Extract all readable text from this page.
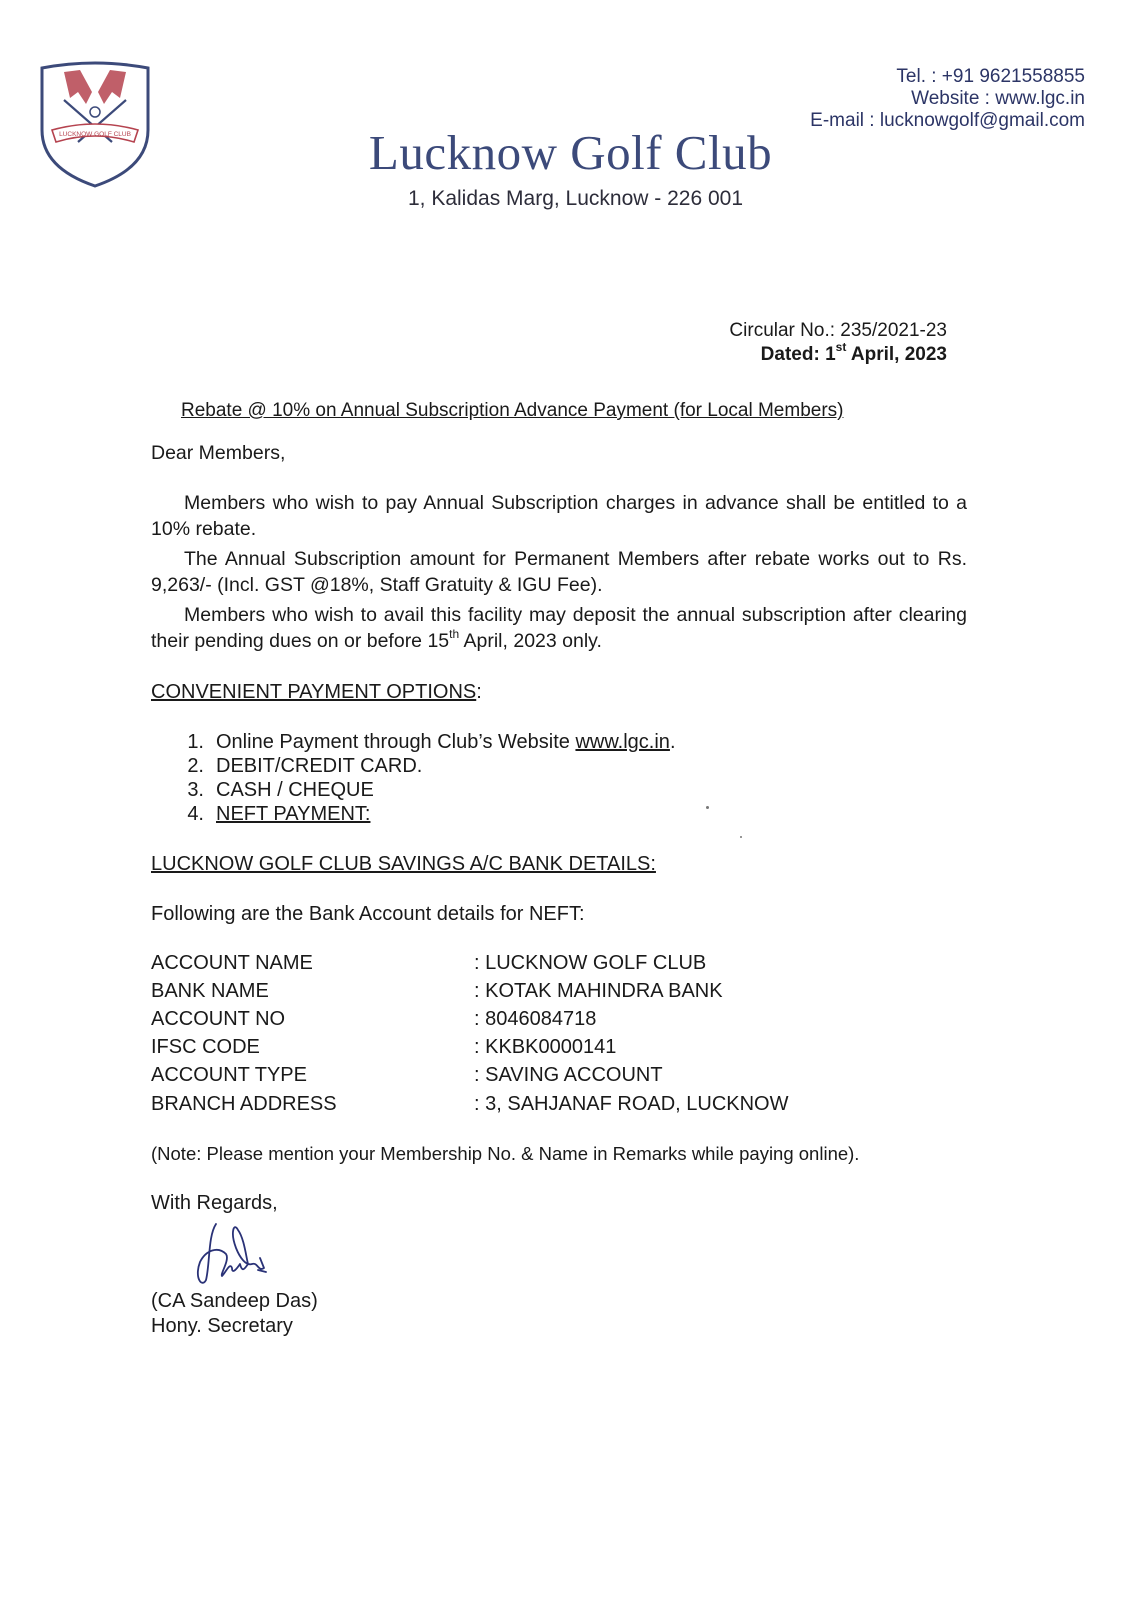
LUCKNOW GOLF CLUB	Lucknow Golf Club
1, Kalidas Marg, Lucknow - 226 001
Tel. : +91 9621558855
Website : www.lgc.in
E-mail : lucknowgolf@gmail.com
Circular No.: 235/2021-23
Dated: 1st April, 2023
Rebate @ 10% on Annual Subscription Advance Payment (for Local Members)
Dear Members,
Members who wish to pay Annual Subscription charges in advance shall be entitled to a 10% rebate.
The Annual Subscription amount for Permanent Members after rebate works out to Rs. 9,263/- (Incl. GST @18%, Staff Gratuity & IGU Fee).
Members who wish to avail this facility may deposit the annual subscription after clearing their pending dues on or before 15th April, 2023 only.
CONVENIENT PAYMENT OPTIONS:
1. Online Payment through Club’s Website www.lgc.in.
2. DEBIT/CREDIT CARD.
3. CASH / CHEQUE
4. NEFT PAYMENT:
LUCKNOW GOLF CLUB SAVINGS A/C BANK DETAILS:
Following are the Bank Account details for NEFT:
ACCOUNT NAME	: LUCKNOW GOLF CLUB
BANK NAME	: KOTAK MAHINDRA BANK
ACCOUNT NO	: 8046084718
IFSC CODE	: KKBK0000141
ACCOUNT TYPE	: SAVING ACCOUNT
BRANCH ADDRESS	: 3, SAHJANAF ROAD, LUCKNOW
(Note: Please mention your Membership No. & Name in Remarks while paying online).
With Regards,
(CA Sandeep Das)
Hony. Secretary
